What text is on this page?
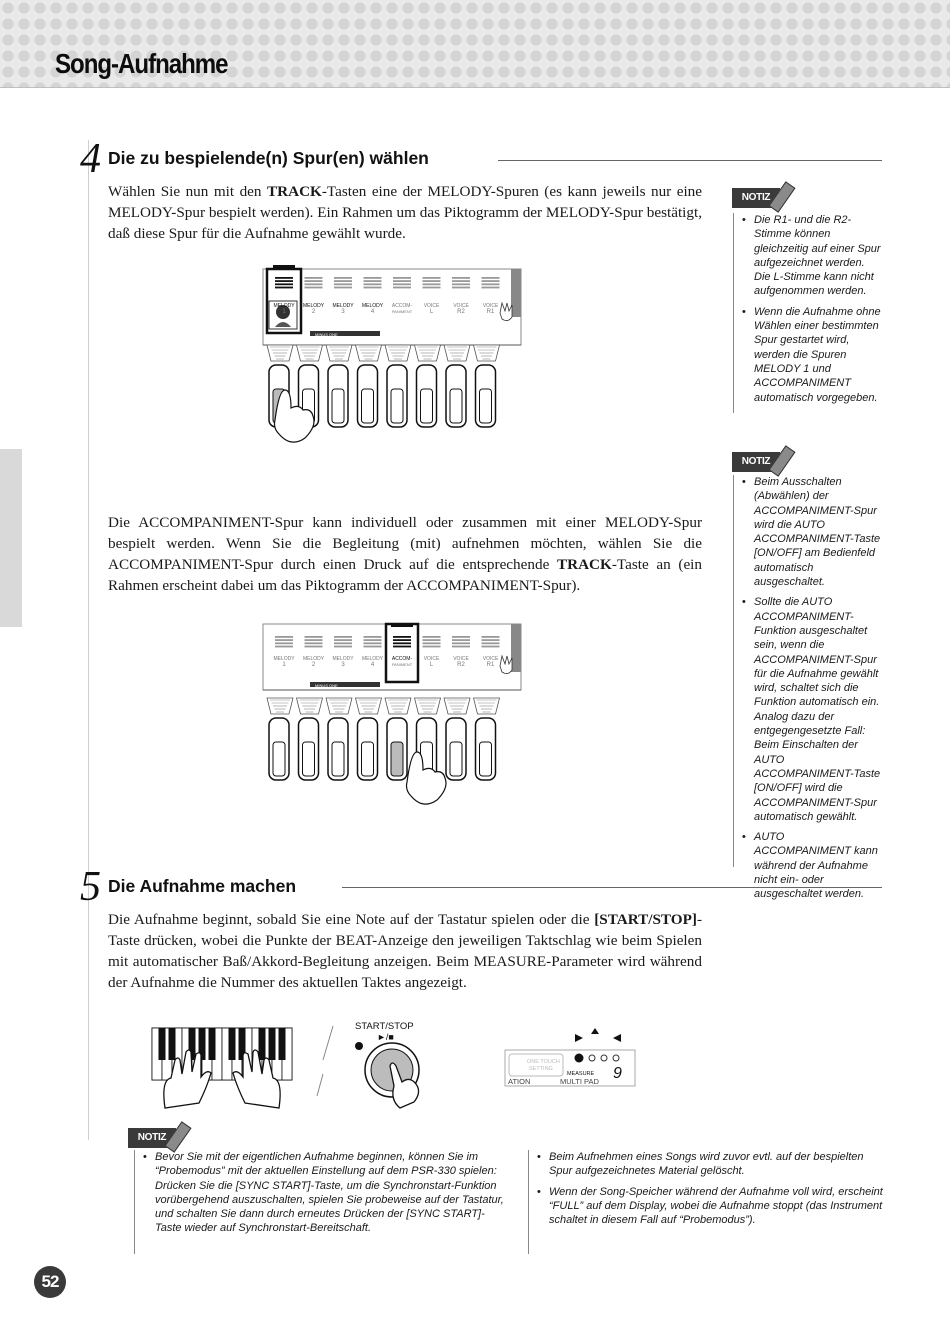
Song-Aufnahme
4 Die zu bespielende(n) Spur(en) wählen

Wählen Sie nun mit den TRACK-Tasten eine der MELODY-Spuren (es kann jeweils nur eine MELODY-Spur bespielt werden). Ein Rahmen um das Piktogramm der MELODY-Spur bestätigt, daß diese Spur für die Aufnahme gewählt wurde.

MINUS ONE
MELODY
1
MELODY
2
MELODY
3
MELODY
4
ACCOM-
PANIMENT
VOICE
L
VOICE
R2
VOICE
R1
NOTIZ
• Die R1- und die R2-Stimme können gleichzeitig auf einer Spur aufgezeichnet werden. Die L-Stimme kann nicht aufgenommen werden.
• Wenn die Aufnahme ohne Wählen einer bestimmten Spur gestartet wird, werden die Spuren MELODY 1 und ACCOMPANIMENT automatisch vorgegeben.
NOTIZ
• Beim Ausschalten (Abwählen) der ACCOMPANIMENT-Spur wird die AUTO ACCOMPANIMENT-Taste [ON/OFF] am Bedienfeld automatisch ausgeschaltet.
• Sollte die AUTO ACCOMPANIMENT-Funktion ausgeschaltet sein, wenn die ACCOMPANIMENT-Spur für die Aufnahme gewählt wird, schaltet sich die Funktion automatisch ein. Analog dazu der entgegengesetzte Fall: Beim Einschalten der AUTO ACCOMPANIMENT-Taste [ON/OFF] wird die ACCOMPANIMENT-Spur automatisch gewählt.
• AUTO ACCOMPANIMENT kann während der Aufnahme nicht ein- oder ausgeschaltet werden.

Die ACCOMPANIMENT-Spur kann individuell oder zusammen mit einer MELODY-Spur bespielt werden. Wenn Sie die Begleitung (mit) aufnehmen möchten, wählen Sie die ACCOMPANIMENT-Spur durch einen Druck auf die entsprechende TRACK-Taste an (ein Rahmen erscheint dabei um das Piktogramm der ACCOMPANIMENT-Spur).

MINUS ONE
MELODY
1
MELODY
2
MELODY
3
MELODY
4
ACCOM-
PANIMENT
VOICE
L
VOICE
R2
VOICE
R1
5 Die Aufnahme machen

Die Aufnahme beginnt, sobald Sie eine Note auf der Tastatur spielen oder die [START/STOP]-Taste drücken, wobei die Punkte der BEAT-Anzeige den jeweiligen Taktschlag wie beim Spielen mit automatischer Baß/Akkord-Begleitung anzeigen. Beim MEASURE-Parameter wird während der Aufnahme die Nummer des aktuellen Taktes angezeigt.

START/STOP
►/■
ONE TOUCH
SETTING
MEASURE 9
ATION	MULTI PAD
NOTIZ
• Bevor Sie mit der eigentlichen Aufnahme beginnen, können Sie im “Probemodus” mit der aktuellen Einstellung auf dem PSR-330 spielen: Drücken Sie die [SYNC START]-Taste, um die Synchronstart-Funktion vorübergehend auszuschalten, spielen Sie probeweise auf der Tastatur, und schalten Sie dann durch erneutes Drücken der [SYNC START]-Taste wieder auf Synchronstart-Bereitschaft.
• Beim Aufnehmen eines Songs wird zuvor evtl. auf der bespielten Spur aufgezeichnetes Material gelöscht.
• Wenn der Song-Speicher während der Aufnahme voll wird, erscheint “FULL” auf dem Display, wobei die Aufnahme stoppt (das Instrument schaltet in diesem Fall auf “Probemodus”).
52
